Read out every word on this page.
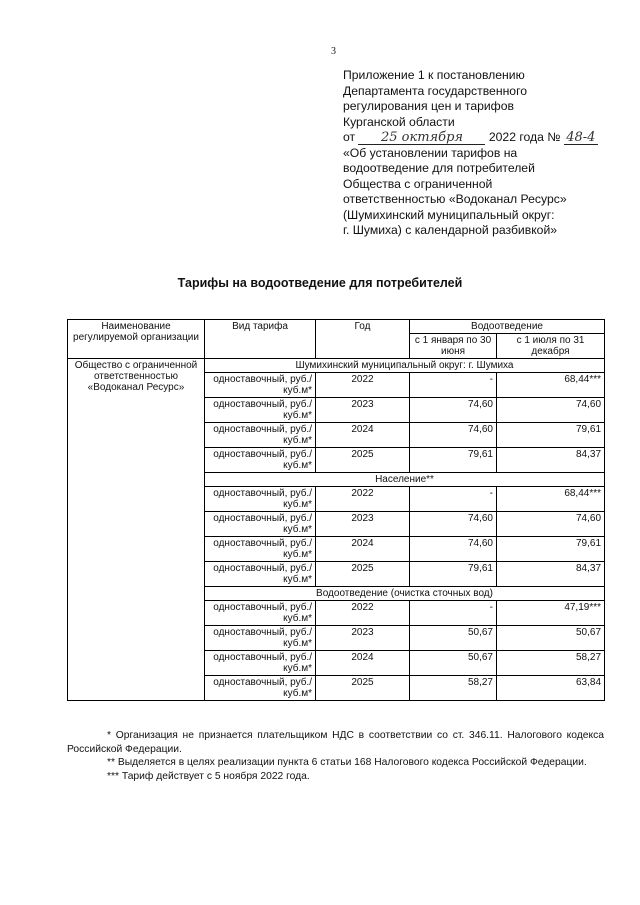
3
Приложение 1 к постановлению
Департамента государственного
регулирования цен и тарифов
Курганской области
от 25 октября 2022 года № 48-4
«Об установлении тарифов на
водоотведение для потребителей
Общества с ограниченной
ответственностью «Водоканал Ресурс»
(Шумихинский муниципальный округ:
г. Шумиха) с календарной разбивкой»
Тарифы на водоотведение для потребителей
Наименование регулируемой организации	Вид тарифа	Год	Водоотведение	
			с 1 января по 30 июня	с 1 июля по 31 декабря
Общество с ограниченной ответственностью «Водоканал Ресурс»	Шумихинский муниципальный округ: г. Шумиха			
	одноставочный, руб./куб.м*	2022	-	68,44***
	одноставочный, руб./куб.м*	2023	74,60	74,60
	одноставочный, руб./куб.м*	2024	74,60	79,61
	одноставочный, руб./куб.м*	2025	79,61	84,37
	Население**			
	одноставочный, руб./куб.м*	2022	-	68,44***
	одноставочный, руб./куб.м*	2023	74,60	74,60
	одноставочный, руб./куб.м*	2024	74,60	79,61
	одноставочный, руб./куб.м*	2025	79,61	84,37
	Водоотведение (очистка сточных вод)			
	одноставочный, руб./куб.м*	2022	-	47,19***
	одноставочный, руб./куб.м*	2023	50,67	50,67
	одноставочный, руб./куб.м*	2024	50,67	58,27
	одноставочный, руб./куб.м*	2025	58,27	63,84

* Организация не признается плательщиком НДС в соответствии со ст. 346.11. Налогового кодекса Российской Федерации.

** Выделяется в целях реализации пункта 6 статьи 168 Налогового кодекса Российской Федерации.

*** Тариф действует с 5 ноября 2022 года.
